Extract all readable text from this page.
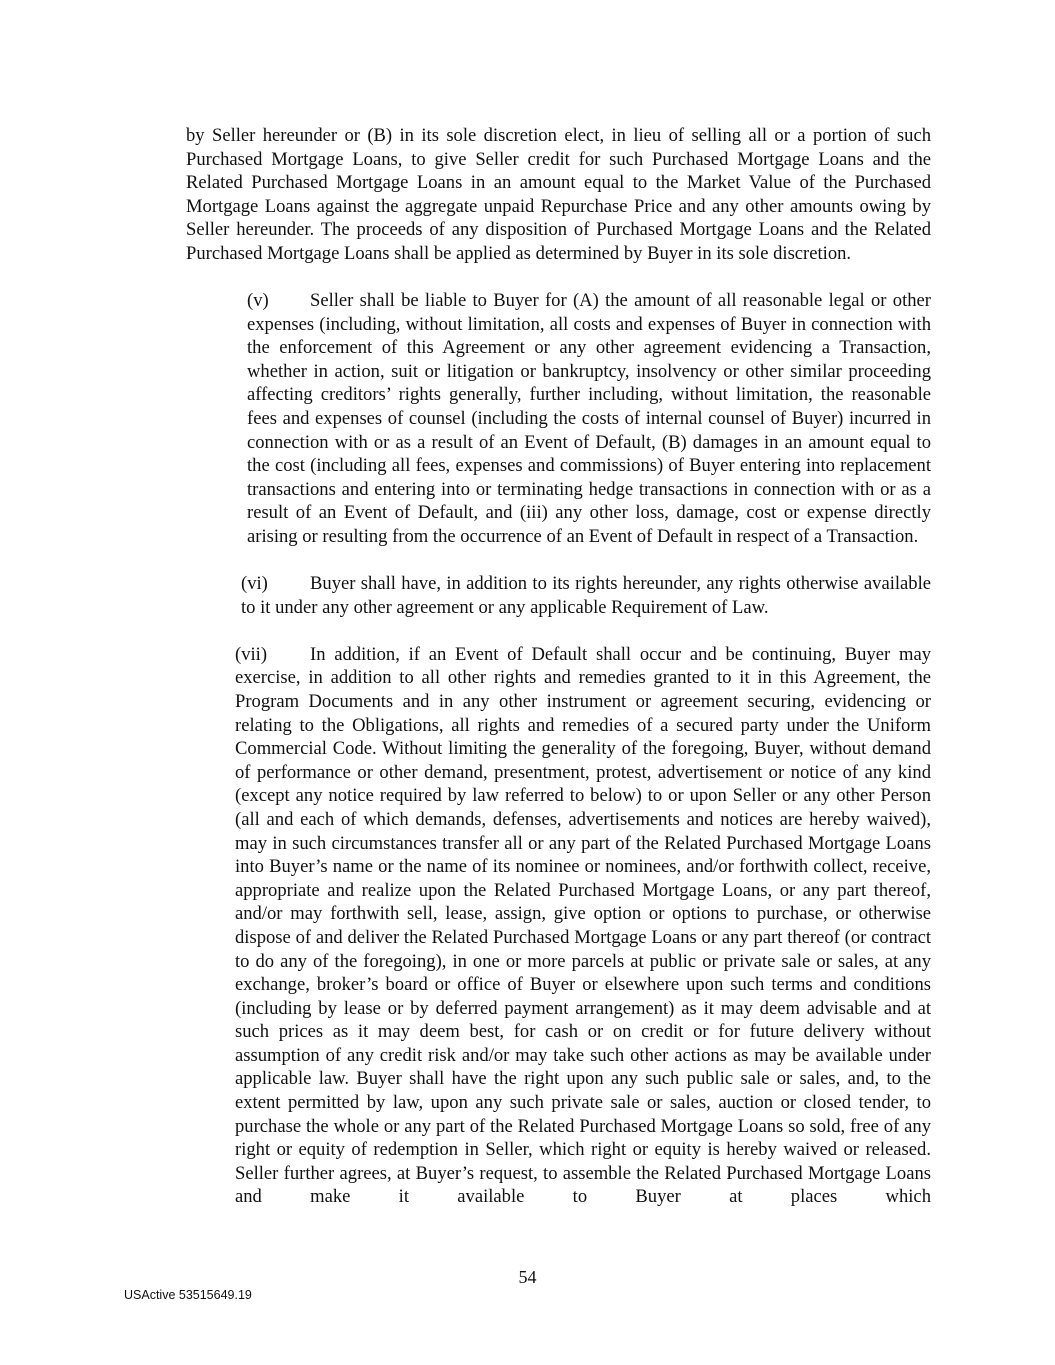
by Seller hereunder or (B) in its sole discretion elect, in lieu of selling all or a portion of such Purchased Mortgage Loans, to give Seller credit for such Purchased Mortgage Loans and the Related Purchased Mortgage Loans in an amount equal to the Market Value of the Purchased Mortgage Loans against the aggregate unpaid Repurchase Price and any other amounts owing by Seller hereunder. The proceeds of any disposition of Purchased Mortgage Loans and the Related Purchased Mortgage Loans shall be applied as determined by Buyer in its sole discretion.

(v) Seller shall be liable to Buyer for (A) the amount of all reasonable legal or other expenses (including, without limitation, all costs and expenses of Buyer in connection with the enforcement of this Agreement or any other agreement evidencing a Transaction, whether in action, suit or litigation or bankruptcy, insolvency or other similar proceeding affecting creditors’ rights generally, further including, without limitation, the reasonable fees and expenses of counsel (including the costs of internal counsel of Buyer) incurred in connection with or as a result of an Event of Default, (B) damages in an amount equal to the cost (including all fees, expenses and commissions) of Buyer entering into replacement transactions and entering into or terminating hedge transactions in connection with or as a result of an Event of Default, and (iii) any other loss, damage, cost or expense directly arising or resulting from the occurrence of an Event of Default in respect of a Transaction.

(vi) Buyer shall have, in addition to its rights hereunder, any rights otherwise available to it under any other agreement or any applicable Requirement of Law.

(vii) In addition, if an Event of Default shall occur and be continuing, Buyer may exercise, in addition to all other rights and remedies granted to it in this Agreement, the Program Documents and in any other instrument or agreement securing, evidencing or relating to the Obligations, all rights and remedies of a secured party under the Uniform Commercial Code. Without limiting the generality of the foregoing, Buyer, without demand of performance or other demand, presentment, protest, advertisement or notice of any kind (except any notice required by law referred to below) to or upon Seller or any other Person (all and each of which demands, defenses, advertisements and notices are hereby waived), may in such circumstances transfer all or any part of the Related Purchased Mortgage Loans into Buyer’s name or the name of its nominee or nominees, and/or forthwith collect, receive, appropriate and realize upon the Related Purchased Mortgage Loans, or any part thereof, and/or may forthwith sell, lease, assign, give option or options to purchase, or otherwise dispose of and deliver the Related Purchased Mortgage Loans or any part thereof (or contract to do any of the foregoing), in one or more parcels at public or private sale or sales, at any exchange, broker’s board or office of Buyer or elsewhere upon such terms and conditions (including by lease or by deferred payment arrangement) as it may deem advisable and at such prices as it may deem best, for cash or on credit or for future delivery without assumption of any credit risk and/or may take such other actions as may be available under applicable law. Buyer shall have the right upon any such public sale or sales, and, to the extent permitted by law, upon any such private sale or sales, auction or closed tender, to purchase the whole or any part of the Related Purchased Mortgage Loans so sold, free of any right or equity of redemption in Seller, which right or equity is hereby waived or released. Seller further agrees, at Buyer’s request, to assemble the Related Purchased Mortgage Loans and make it available to Buyer at places which

54
USActive 53515649.19
